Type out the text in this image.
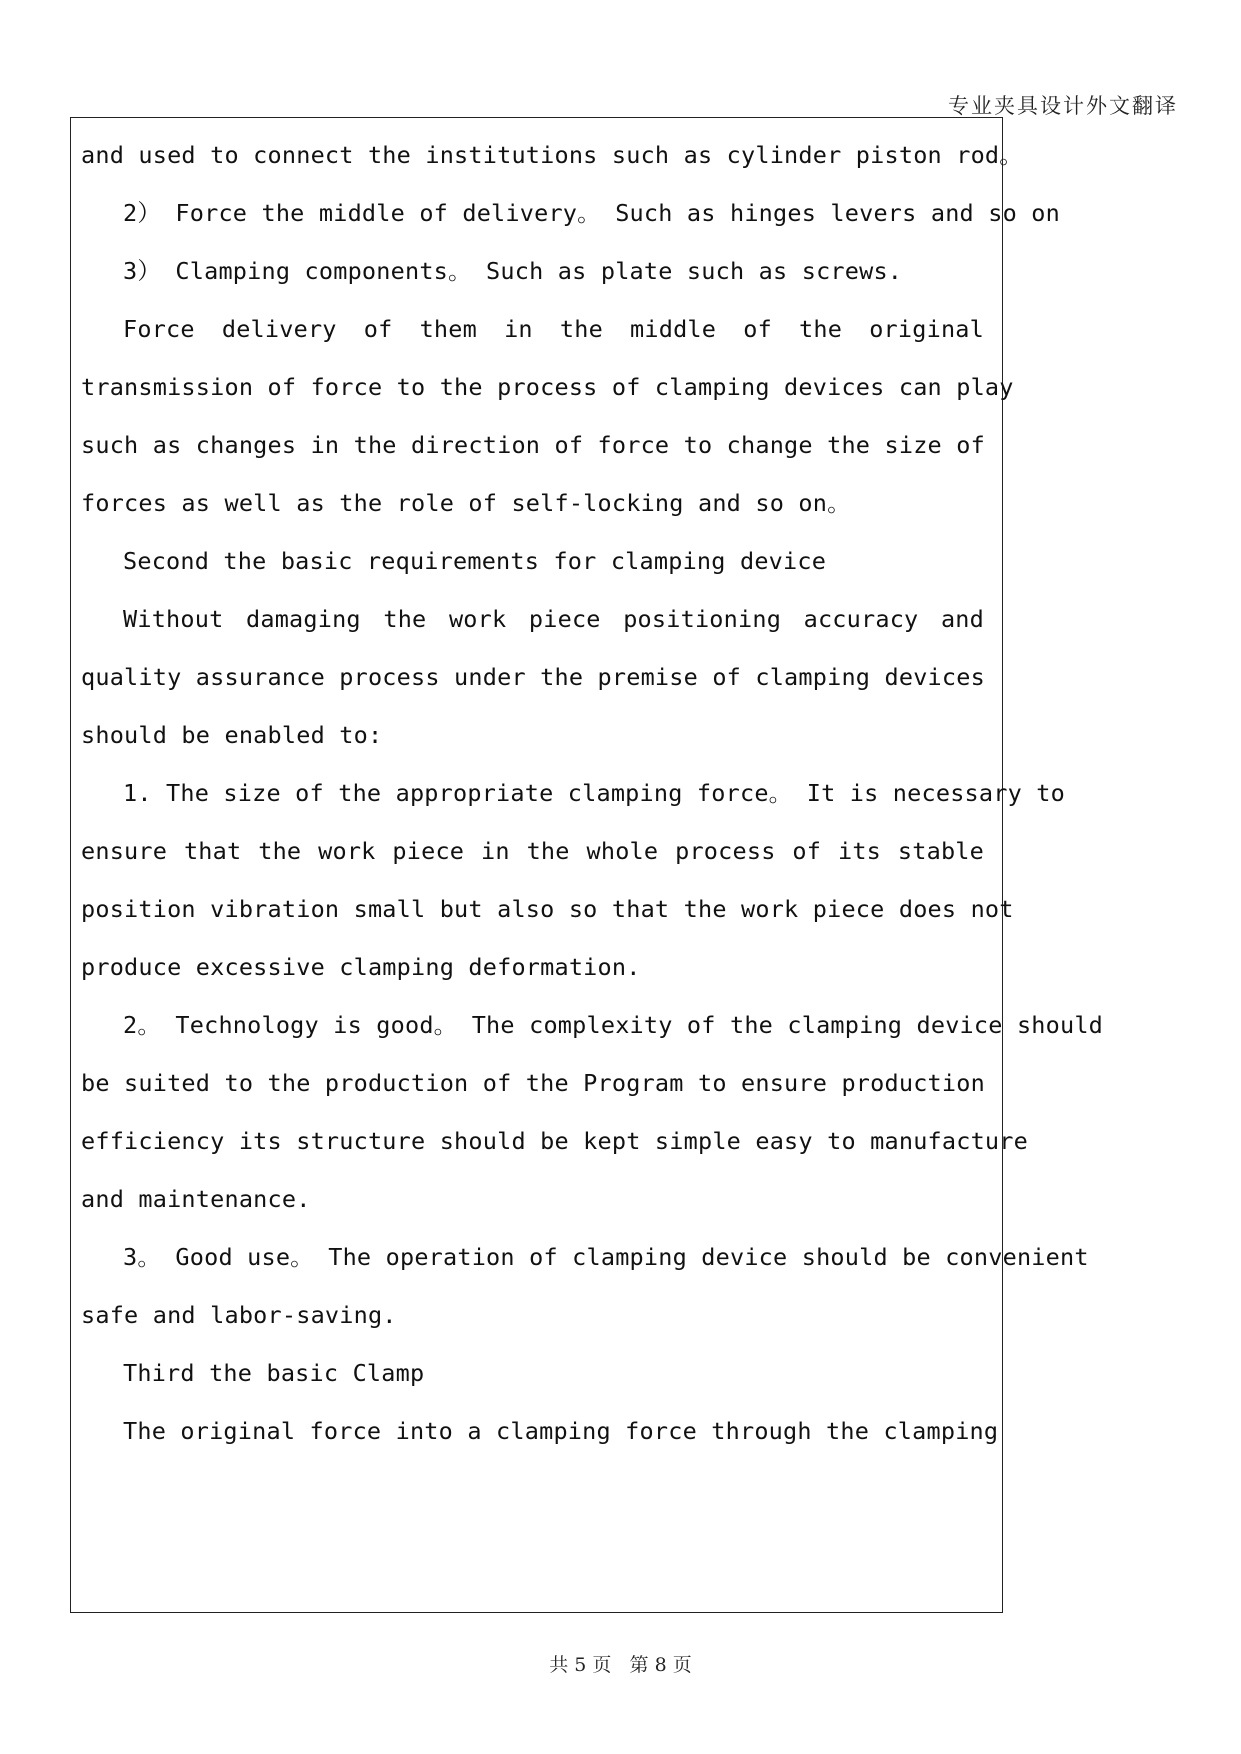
专业夹具设计外文翻译
and used to connect the institutions such as cylinder piston rod。
2） Force the middle of delivery。 Such as hinges levers and so on
3） Clamping components。 Such as plate such as screws.
Force delivery of them in the middle of the original
transmission of force to the process of clamping devices can play
such as changes in the direction of force to change the size of
forces as well as the role of self-locking and so on。
Second the basic requirements for clamping device
Without damaging the work piece positioning accuracy and
quality assurance process under the premise of clamping devices
should be enabled to:
1. The size of the appropriate clamping force。 It is necessary to
ensure that the work piece in the whole process of its stable
position vibration small but also so that the work piece does not
produce excessive clamping deformation.
2。 Technology is good。 The complexity of the clamping device should
be suited to the production of the Program to ensure production
efficiency its structure should be kept simple easy to manufacture
and maintenance.
3。 Good use。 The operation of clamping device should be convenient
safe and labor-saving.
Third the basic Clamp
The original force into a clamping force through the clamping
共 5 页   第 8 页
